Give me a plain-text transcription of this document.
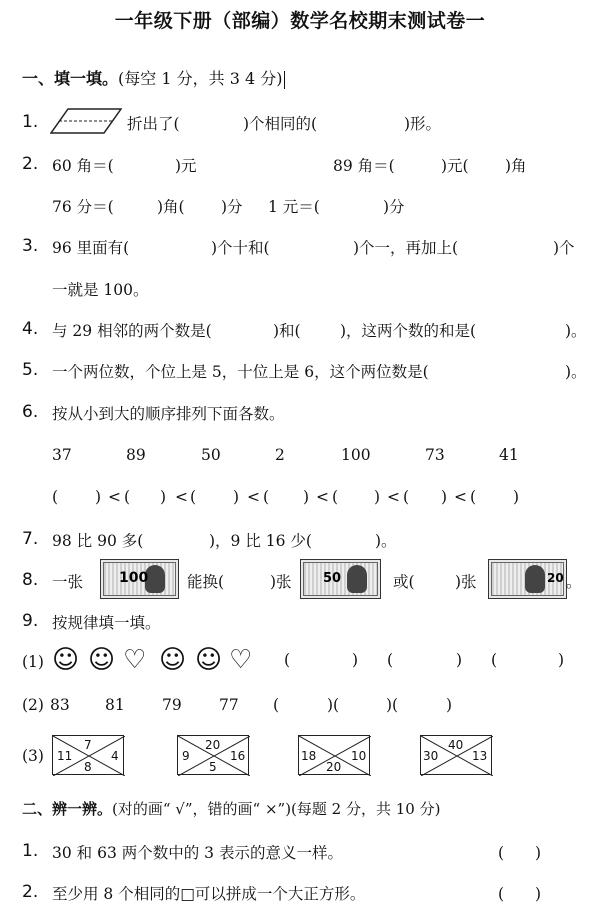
一年级下册（部编）数学名校期末测试卷一
一、填一填。(每空 1 分，共 3 4 分)
1.	折出了(	)个相同的(	)形。
2. 60 角＝(	)元	89 角＝(	)元( )角
76 分＝(	)角( )分 1 元＝(	)分
3. 96 里面有(	)个十和(	)个一，再加上(	)个
一就是 100。
4. 与 29 相邻的两个数是(	)和(	)，这两个数的和是(	)。
5. 一个两位数，个位上是 5，十位上是 6，这个两位数是(	)。
6. 按从小到大的顺序排列下面各数。
37	89	50	2	100	73	41
( ) < ( ) < ( ) < ( ) < ( ) < ( ) < ( )
7. 98 比 90 多(	)，9 比 16 少(	)。
8. 一张	100	能换(	)张 50	或(	)张	20 。
9. 按规律填一填。
(1) ☺ ☺ ♡ ☺ ☺ ♡ (	) (	) (	)
(2) 83 81 79 77 (	) (	) (	)
(3)
7
11	4
8
20
9	16
5
18	10
20
40
30	13
二、辨一辨。(对的画“ √”，错的画“ ×”)(每题 2 分，共 10 分)
1. 30 和 63 两个数中的 3 表示的意义一样。	(　　)
2. 至少用 8 个相同的□可以拼成一个大正方形。	(　　)
